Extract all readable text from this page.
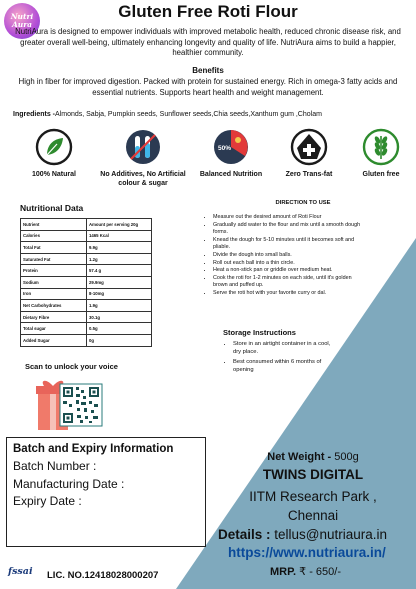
Nutri
Aura
Gluten Free Roti Flour
NutriAura is designed to empower individuals with improved metabolic health, reduced chronic disease risk, and greater overall well-being, ultimately enhancing longevity and quality of life. NutriAura aims to build a happier, healthier community.
Benefits
High in fiber for improved digestion. Packed with protein for sustained energy. Rich in omega-3 fatty acids and essential nutrients. Supports heart health and weight management.
Ingredients -Almonds, Sabja, Pumpkin seeds, Sunflower seeds,Chia seeds,Xanthum gum ,Cholam
100% Natural	No Additives, No Artificial colour & sugar
50%
Balanced Nutrition	Zero Trans-fat	Gluten free
Nutritional Data
Nutrient	Amount per serving 20g
Calories	1465 Kcal
Total Fat	9.9g
Saturated Fat	1.2g
Protein	57.4 g
Sodium	29.9mg
Iron	8-10mg
Net Carbohydrates	1.9g
Dietary Fibre	30.1g
Total sugar	0.5g
Added Sugar	0g
DIRECTION TO USE
• Measure out the desired amount of Roti Flour
• Gradually add water to the flour and mix until a smooth dough forms.
• Knead the dough for 5-10 minutes until it becomes soft and pliable.
• Divide the dough into small balls.
• Roll out each ball into a thin circle.
• Heat a non-stick pan or griddle over medium heat.
• Cook the roti for 1-2 minutes on each side, until it's golden brown and puffed up.
• Serve the roti hot with your favorite curry or dal.
Storage Instructions
• Store in an airtight container in a cool, dry place.
• Best consumed within 6 months of opening
Scan to unlock your voice
Batch and Expiry Information
Batch Number :
Manufacturing Date :
Expiry Date :
Net Weight - 500g
TWINS DIGITAL
IITM Research Park ,
Chennai
Details : tellus@nutriaura.in
https://www.nutriaura.in/
MRP. ₹ - 650/-
fssai LIC. NO.12418028000207
